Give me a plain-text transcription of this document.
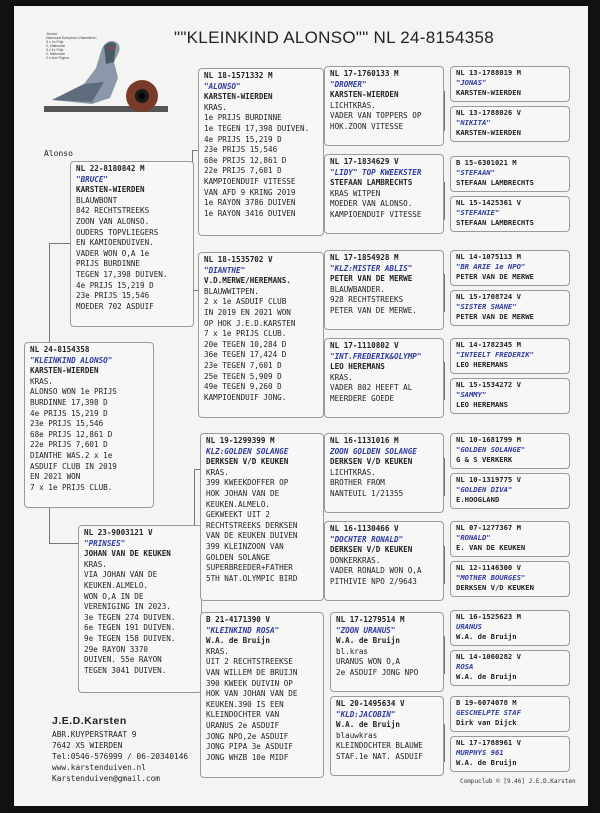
""KLEINKIND ALONSO"" NL 24-8154358
'Alonso'
Nationaal Kampioen Vlaanderen
3 x 1e Prijs
Z. Nationaal
3 x 1e Prijs
2. Nationaal
2 x Ace Pigeon
Alonso
NL 24-8154358
"KLEINKIND ALONSO"
KARSTEN-WIERDEN
KRAS.
ALONSO WON 1e PRIJS
BURDINNE 17,398 D
4e PRIJS 15,219 D
23e PRIJS 15,546
68e PRIJS 12,861 D
22e PRIJS 7,601 D
DIANTHE WAS.2 x 1e
ASDUIF CLUB IN 2019
EN 2021 WON
7 x 1e PRIJS CLUB.
NL 22-8180842 M
"BRUCE"
KARSTEN-WIERDEN
BLAUWBONT
842 RECHTSTREEKS
ZOON VAN ALONSO.
OUDERS TOPVLIEGERS
EN KAMIOENDUIVEN.
VADER WON O,A 1e
PRIJS BURDINNE
TEGEN 17,398 DUIVEN.
4e PRIJS 15,219 D
23e PRIJS 15,546
MOEDER 702 ASDUIF
NL 23-9003121 V
"PRINSES"
JOHAN VAN DE KEUKEN
KRAS.
VIA JOHAN VAN DE
KEUKEN.ALMELO.
WON O,A IN DE
VERENIGING IN 2023.
3e TEGEN 274 DUIVEN.
6e TEGEN 191 DUIVEN.
9e TEGEN 158 DUIVEN.
29e RAYON 3370
DUIVEN. 55e RAYON
TEGEN 3041 DUIVEN.
NL 18-1571332 M
"ALONSO"
KARSTEN-WIERDEN
KRAS.
1e PRIJS BURDINNE
1e TEGEN 17,398 DUIVEN.
4e PRIJS 15,219 D
23e PRIJS 15,546
68e PRIJS 12,861 D
22e PRIJS 7,601 D
KAMPIOENDUIF VITESSE
VAN AFD 9 KRING 2019
1e RAYON 3786 DUIVEN
1e RAYON 3416 DUIVEN
NL 18-1535702 V
"DIANTHE"
V.D.MERWE/HEREMANS.
BLAUWWITPEN.
2 x 1e ASDUIF CLUB
IN 2019 EN 2021 WON
OP HOK J.E.D.KARSTEN
7 x 1e PRIJS CLUB.
20e TEGEN 10,284 D
36e TEGEN 17,424 D
23e TEGEN 7,601 D
25e TEGEN 5,909 D
49e TEGEN 9,260 D
KAMPIOENDUIF JONG.
NL 19-1299399 M
KLZ:GOLDEN SOLANGE
DERKSEN V/D KEUKEN
KRAS.
399 KWEEKDOFFER OP
HOK JOHAN VAN DE
KEUKEN.ALMELO.
GEKWEEKT UIT 2
RECHTSTREEKS DERKSEN
VAN DE KEUKEN DUIVEN
399 KLEINZOON VAN
GOLDEN SOLANGE
SUPERBREEDER+FATHER
5TH NAT.OLYMPIC BIRD
B 21-4171390 V
"KLEINKIND ROSA"
W.A. de Bruijn
KRAS.
UIT 2 RECHTSTREEKSE
VAN WILLEM DE BRUIJN
390 KWEEK DUIVIN OP
HOK VAN JOHAN VAN DE
KEUKEN.390 IS EEN
KLEINDOCHTER VAN
URANUS 2e ASDUIF
JONG NPO,2e ASDUIF
JONG PIPA 3e ASDUIF
JONG WHZB 10e MIDF
NL 17-1760133 M
"DROMER"
KARSTEN-WIERDEN
LICHTKRAS.
VADER VAN TOPPERS OP
HOK.ZOON VITESSE
NL 17-1834629 V
"LIDY" TOP KWEEKSTER
STEFAAN LAMBRECHTS
KRAS WITPEN
MOEDER VAN ALONSO.
KAMPIOENDUIF VITESSE
NL 17-1854928 M
"KLZ:MISTER ABLIS"
PETER VAN DE MERWE
BLAUWBANDER.
928 RECHTSTREEKS
PETER VAN DE MERWE.
NL 17-1110802 V
"INT.FREDERIK&OLYMP"
LEO HEREMANS
KRAS.
VADER 802 HEEFT AL
MEERDERE GOEDE
NL 16-1131016 M
ZOON GOLDEN SOLANGE
DERKSEN V/D KEUKEN
LICHTKRAS.
BROTHER FROM
NANTEUIL 1/21355
NL 16-1130466 V
"DOCHTER RONALD"
DERKSEN V/D KEUKEN
DONKERKRAS.
VADER RONALD WON O,A
PITHIVIE NPO 2/9643
NL 17-1279514 M
"ZOON URANUS"
W.A. de Bruijn
bl.kras
URANUS WON O,A
2e ASDUIF JONG NPO
NL 20-1495634 V
"KLD:JACOBIN"
W.A. de Bruijn
blauwkras
KLEINDOCHTER BLAUWE
STAF.1e NAT. ASDUIF
NL 13-1788019 M
"JONAS"
KARSTEN-WIERDEN
NL 13-1788026 V
"NIKITA"
KARSTEN-WIERDEN
B 15-6301021 M
"STEFAAN"
STEFAAN LAMBRECHTS
NL 15-1425361 V
"STEFANIE"
STEFAAN LAMBRECHTS
NL 14-1075113 M
"BR ARIE 1e NPO"
PETER VAN DE MERWE
NL 15-1708724 V
"SISTER SHANE"
PETER VAN DE MERWE
NL 14-1782345 M
"INTEELT FREDERIK"
LEO HEREMANS
NL 15-1534272 V
"SAMMY"
LEO HEREMANS
NL 10-1681799 M
"GOLDEN SOLANGE"
G & S VERKERK
NL 10-1319775 V
"GOLDEN DIVA"
E.HOOGLAND
NL 07-1277367 M
"RONALD"
E. VAN DE KEUKEN
NL 12-1146300 V
"MOTHER BOURGES"
DERKSEN V/D KEUKEN
NL 16-1525623 M
URANUS
W.A. de Bruijn
NL 14-1060282 V
ROSA
W.A. de Bruijn
B 19-6074078 M
GESCHELPTE STAF
Dirk van Dijck
NL 17-1788961 V
MURPHYS 961
W.A. de Bruijn
J.E.D.Karsten
ABR.KUYPERSTRAAT 9
7642 XS WIERDEN
Tel:0546-576999 / 06-20340146
www.karstenduiven.nl
Karstenduiven@gmail.com	Compuclub © [9.46] J.E.D.Karsten
